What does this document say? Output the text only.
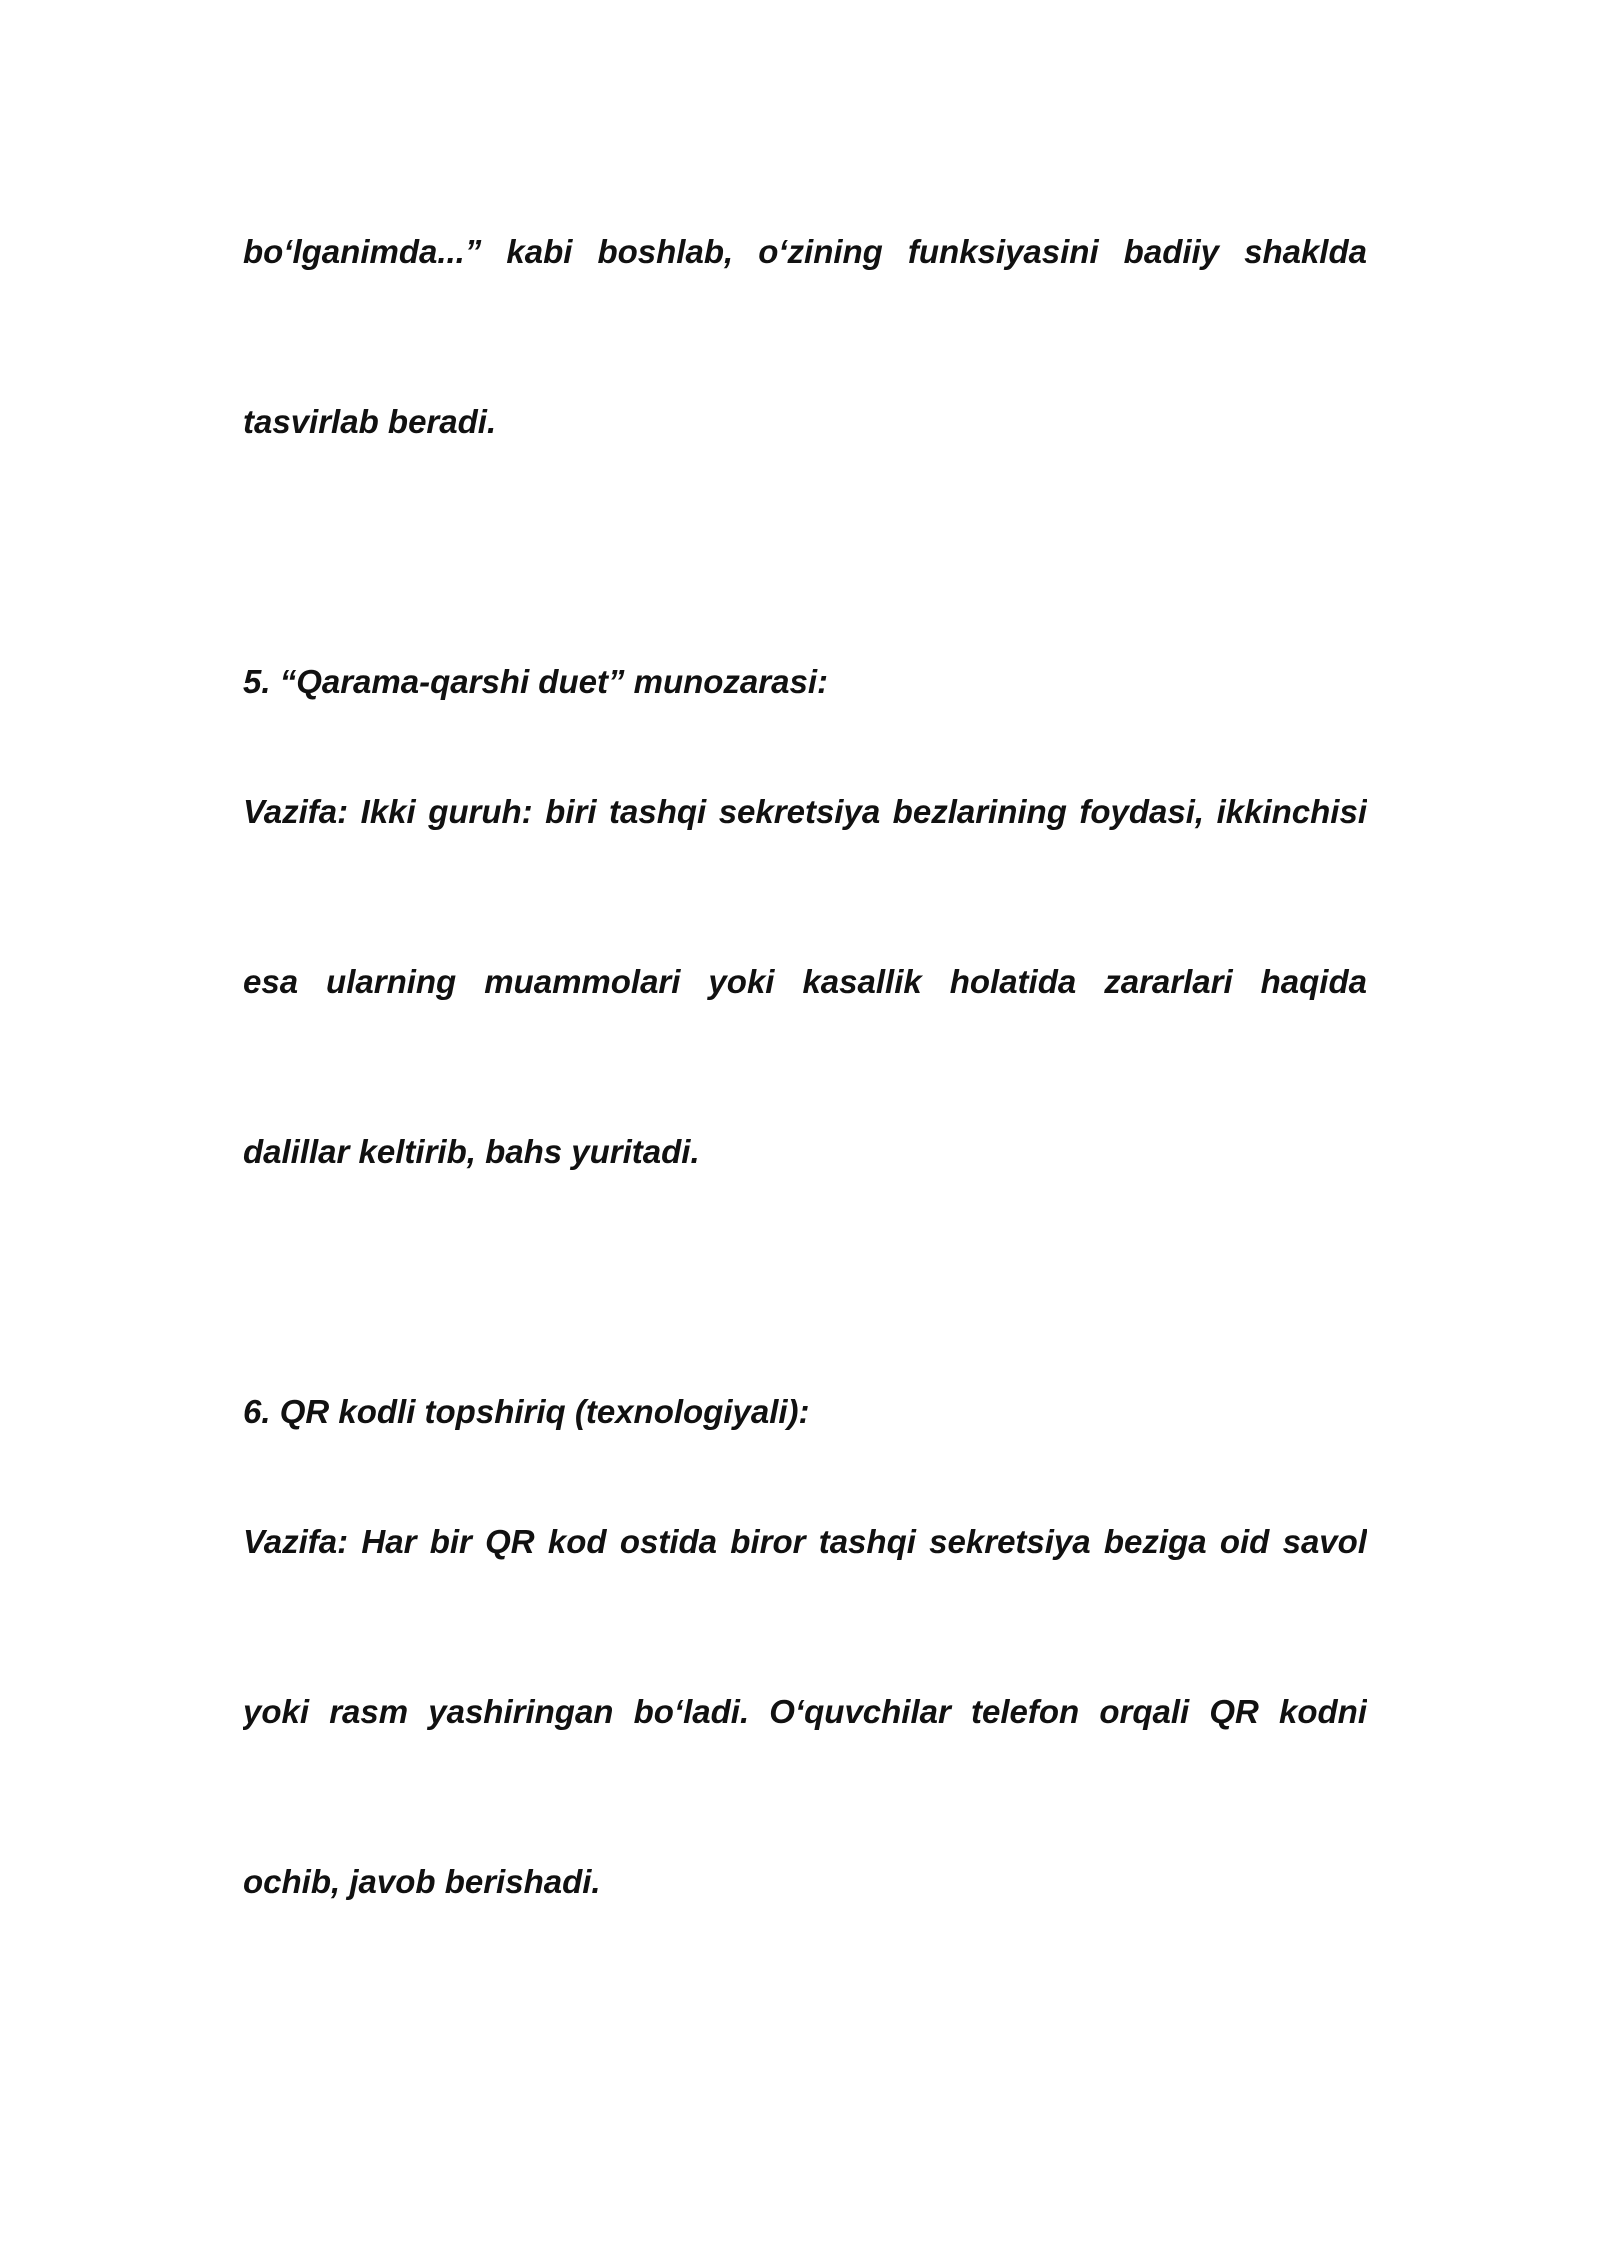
bo‘lganimda...” kabi boshlab, o‘zining funksiyasini badiiy shaklda
tasvirlab beradi.
5. “Qarama-qarshi duet” munozarasi:
Vazifa: Ikki guruh: biri tashqi sekretsiya bezlarining foydasi, ikkinchisi
esa ularning muammolari yoki kasallik holatida zararlari haqida
dalillar keltirib, bahs yuritadi.
6. QR kodli topshiriq (texnologiyali):
Vazifa: Har bir QR kod ostida biror tashqi sekretsiya beziga oid savol
yoki rasm yashiringan bo‘ladi. O‘quvchilar telefon orqali QR kodni
ochib, javob berishadi.
